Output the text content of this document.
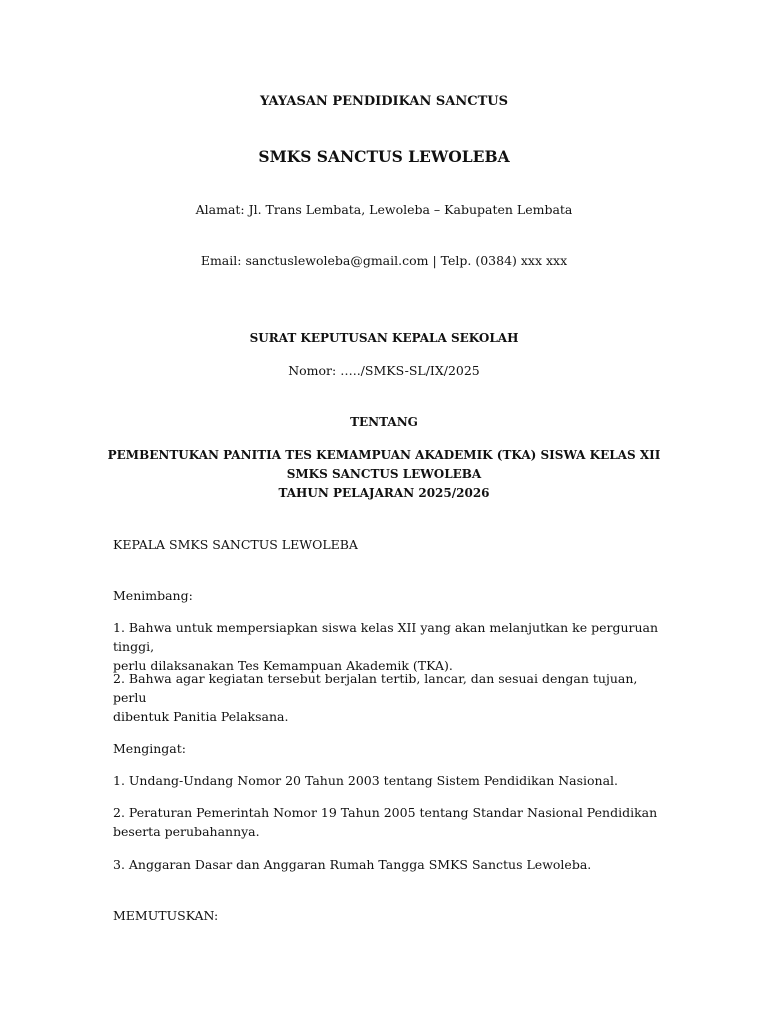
YAYASAN PENDIDIKAN SANCTUS
SMKS SANCTUS LEWOLEBA
Alamat: Jl. Trans Lembata, Lewoleba – Kabupaten Lembata
Email: sanctuslewoleba@gmail.com | Telp. (0384) xxx xxx
SURAT KEPUTUSAN KEPALA SEKOLAH
Nomor: …../SMKS-SL/IX/2025
TENTANG
PEMBENTUKAN PANITIA TES KEMAMPUAN AKADEMIK (TKA) SISWA KELAS XII
SMKS SANCTUS LEWOLEBA
TAHUN PELAJARAN 2025/2026
KEPALA SMKS SANCTUS LEWOLEBA
Menimbang:
1. Bahwa untuk mempersiapkan siswa kelas XII yang akan melanjutkan ke perguruan tinggi,
perlu dilaksanakan Tes Kemampuan Akademik (TKA).
2. Bahwa agar kegiatan tersebut berjalan tertib, lancar, dan sesuai dengan tujuan, perlu
dibentuk Panitia Pelaksana.
Mengingat:
1. Undang-Undang Nomor 20 Tahun 2003 tentang Sistem Pendidikan Nasional.
2. Peraturan Pemerintah Nomor 19 Tahun 2005 tentang Standar Nasional Pendidikan
beserta perubahannya.
3. Anggaran Dasar dan Anggaran Rumah Tangga SMKS Sanctus Lewoleba.
MEMUTUSKAN:
